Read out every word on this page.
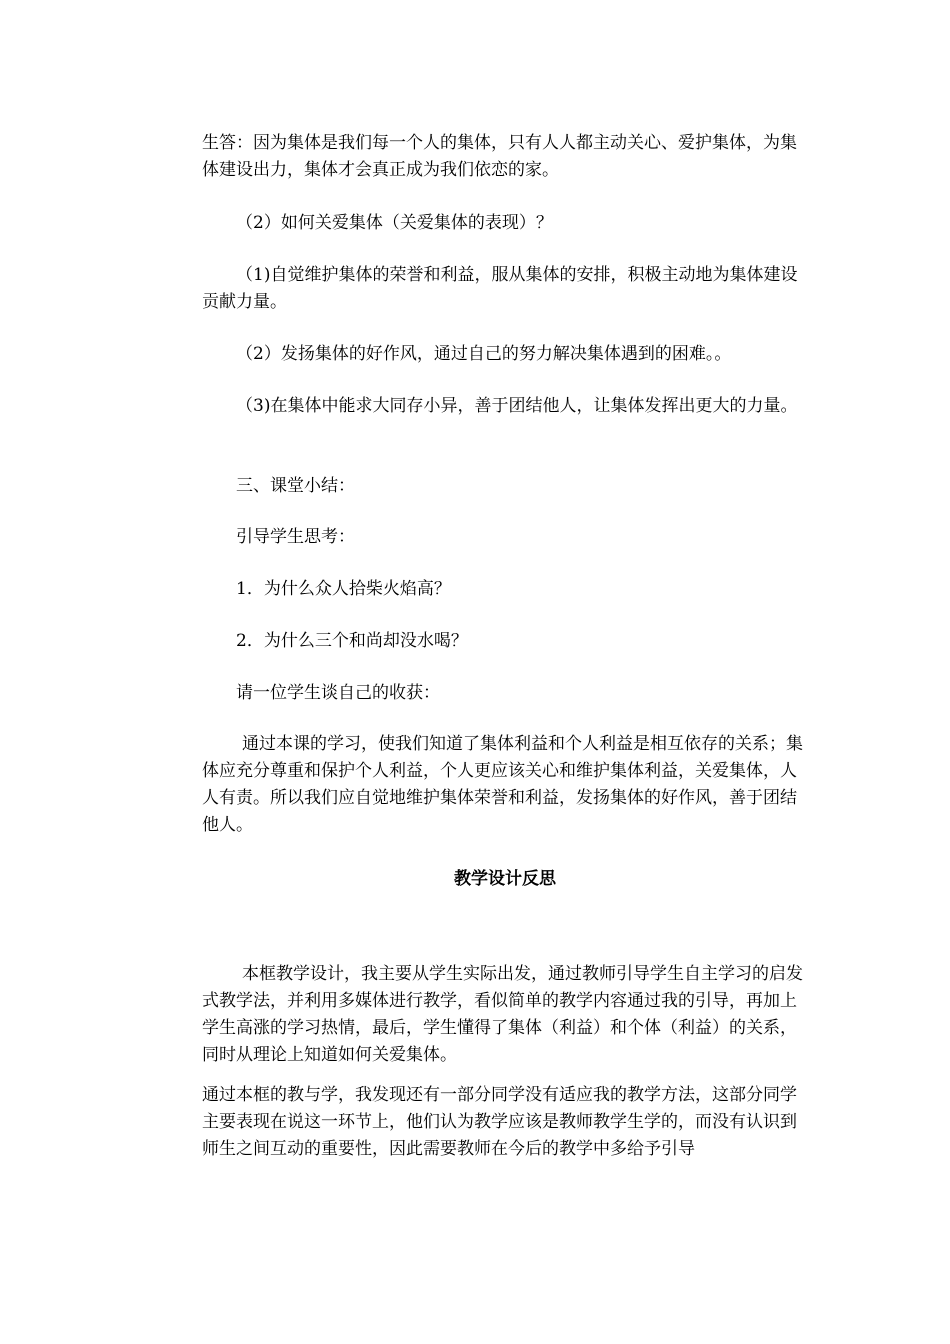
生答：因为集体是我们每一个人的集体，只有人人都主动关心、爱护集体，为集体建设出力，集体才会真正成为我们依恋的家。

（2）如何关爱集体（关爱集体的表现）？

（1)自觉维护集体的荣誉和利益，服从集体的安排，积极主动地为集体建设贡献力量。

（2）发扬集体的好作风，通过自己的努力解决集体遇到的困难。。

（3)在集体中能求大同存小异，善于团结他人，让集体发挥出更大的力量。

三、课堂小结：

引导学生思考：

1．为什么众人拾柴火焰高？

2．为什么三个和尚却没水喝？

请一位学生谈自己的收获：

通过本课的学习，使我们知道了集体利益和个人利益是相互依存的关系；集体应充分尊重和保护个人利益，个人更应该关心和维护集体利益，关爱集体，人人有责。所以我们应自觉地维护集体荣誉和利益，发扬集体的好作风，善于团结他人。

教学设计反思

本框教学设计，我主要从学生实际出发，通过教师引导学生自主学习的启发式教学法，并利用多媒体进行教学，看似简单的教学内容通过我的引导，再加上学生高涨的学习热情，最后，学生懂得了集体（利益）和个体（利益）的关系，同时从理论上知道如何关爱集体。

通过本框的教与学，我发现还有一部分同学没有适应我的教学方法，这部分同学主要表现在说这一环节上，他们认为教学应该是教师教学生学的，而没有认识到师生之间互动的重要性，因此需要教师在今后的教学中多给予引导
